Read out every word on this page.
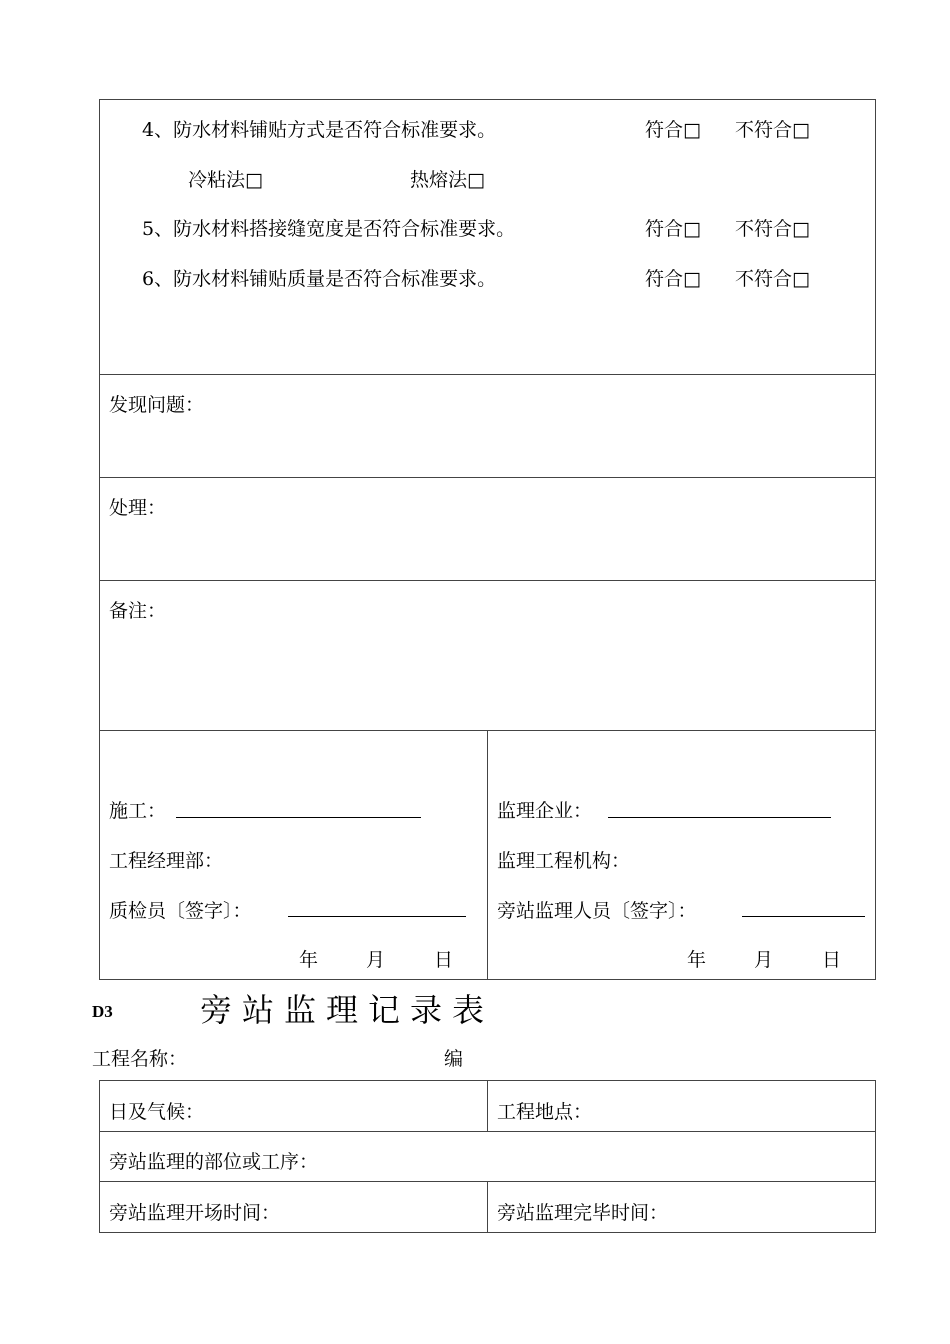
4、防水材料铺贴方式是否符合标准要求。	符合□ 不符合□
冷粘法□	热熔法□
5、防水材料搭接缝宽度是否符合标准要求。	符合□ 不符合□
6、防水材料铺贴质量是否符合标准要求。	符合□ 不符合□
发现问题：
处理：
备注：
施工：
工程经理部：
质检员〔签字〕：
年	月	日
监理企业：
监理工程机构：
旁站监理人员〔签字〕：
年	月	日
D3	旁站监理记录表
工程名称：	编
日及气候：	工程地点：
旁站监理的部位或工序：
旁站监理开场时间：	旁站监理完毕时间：
